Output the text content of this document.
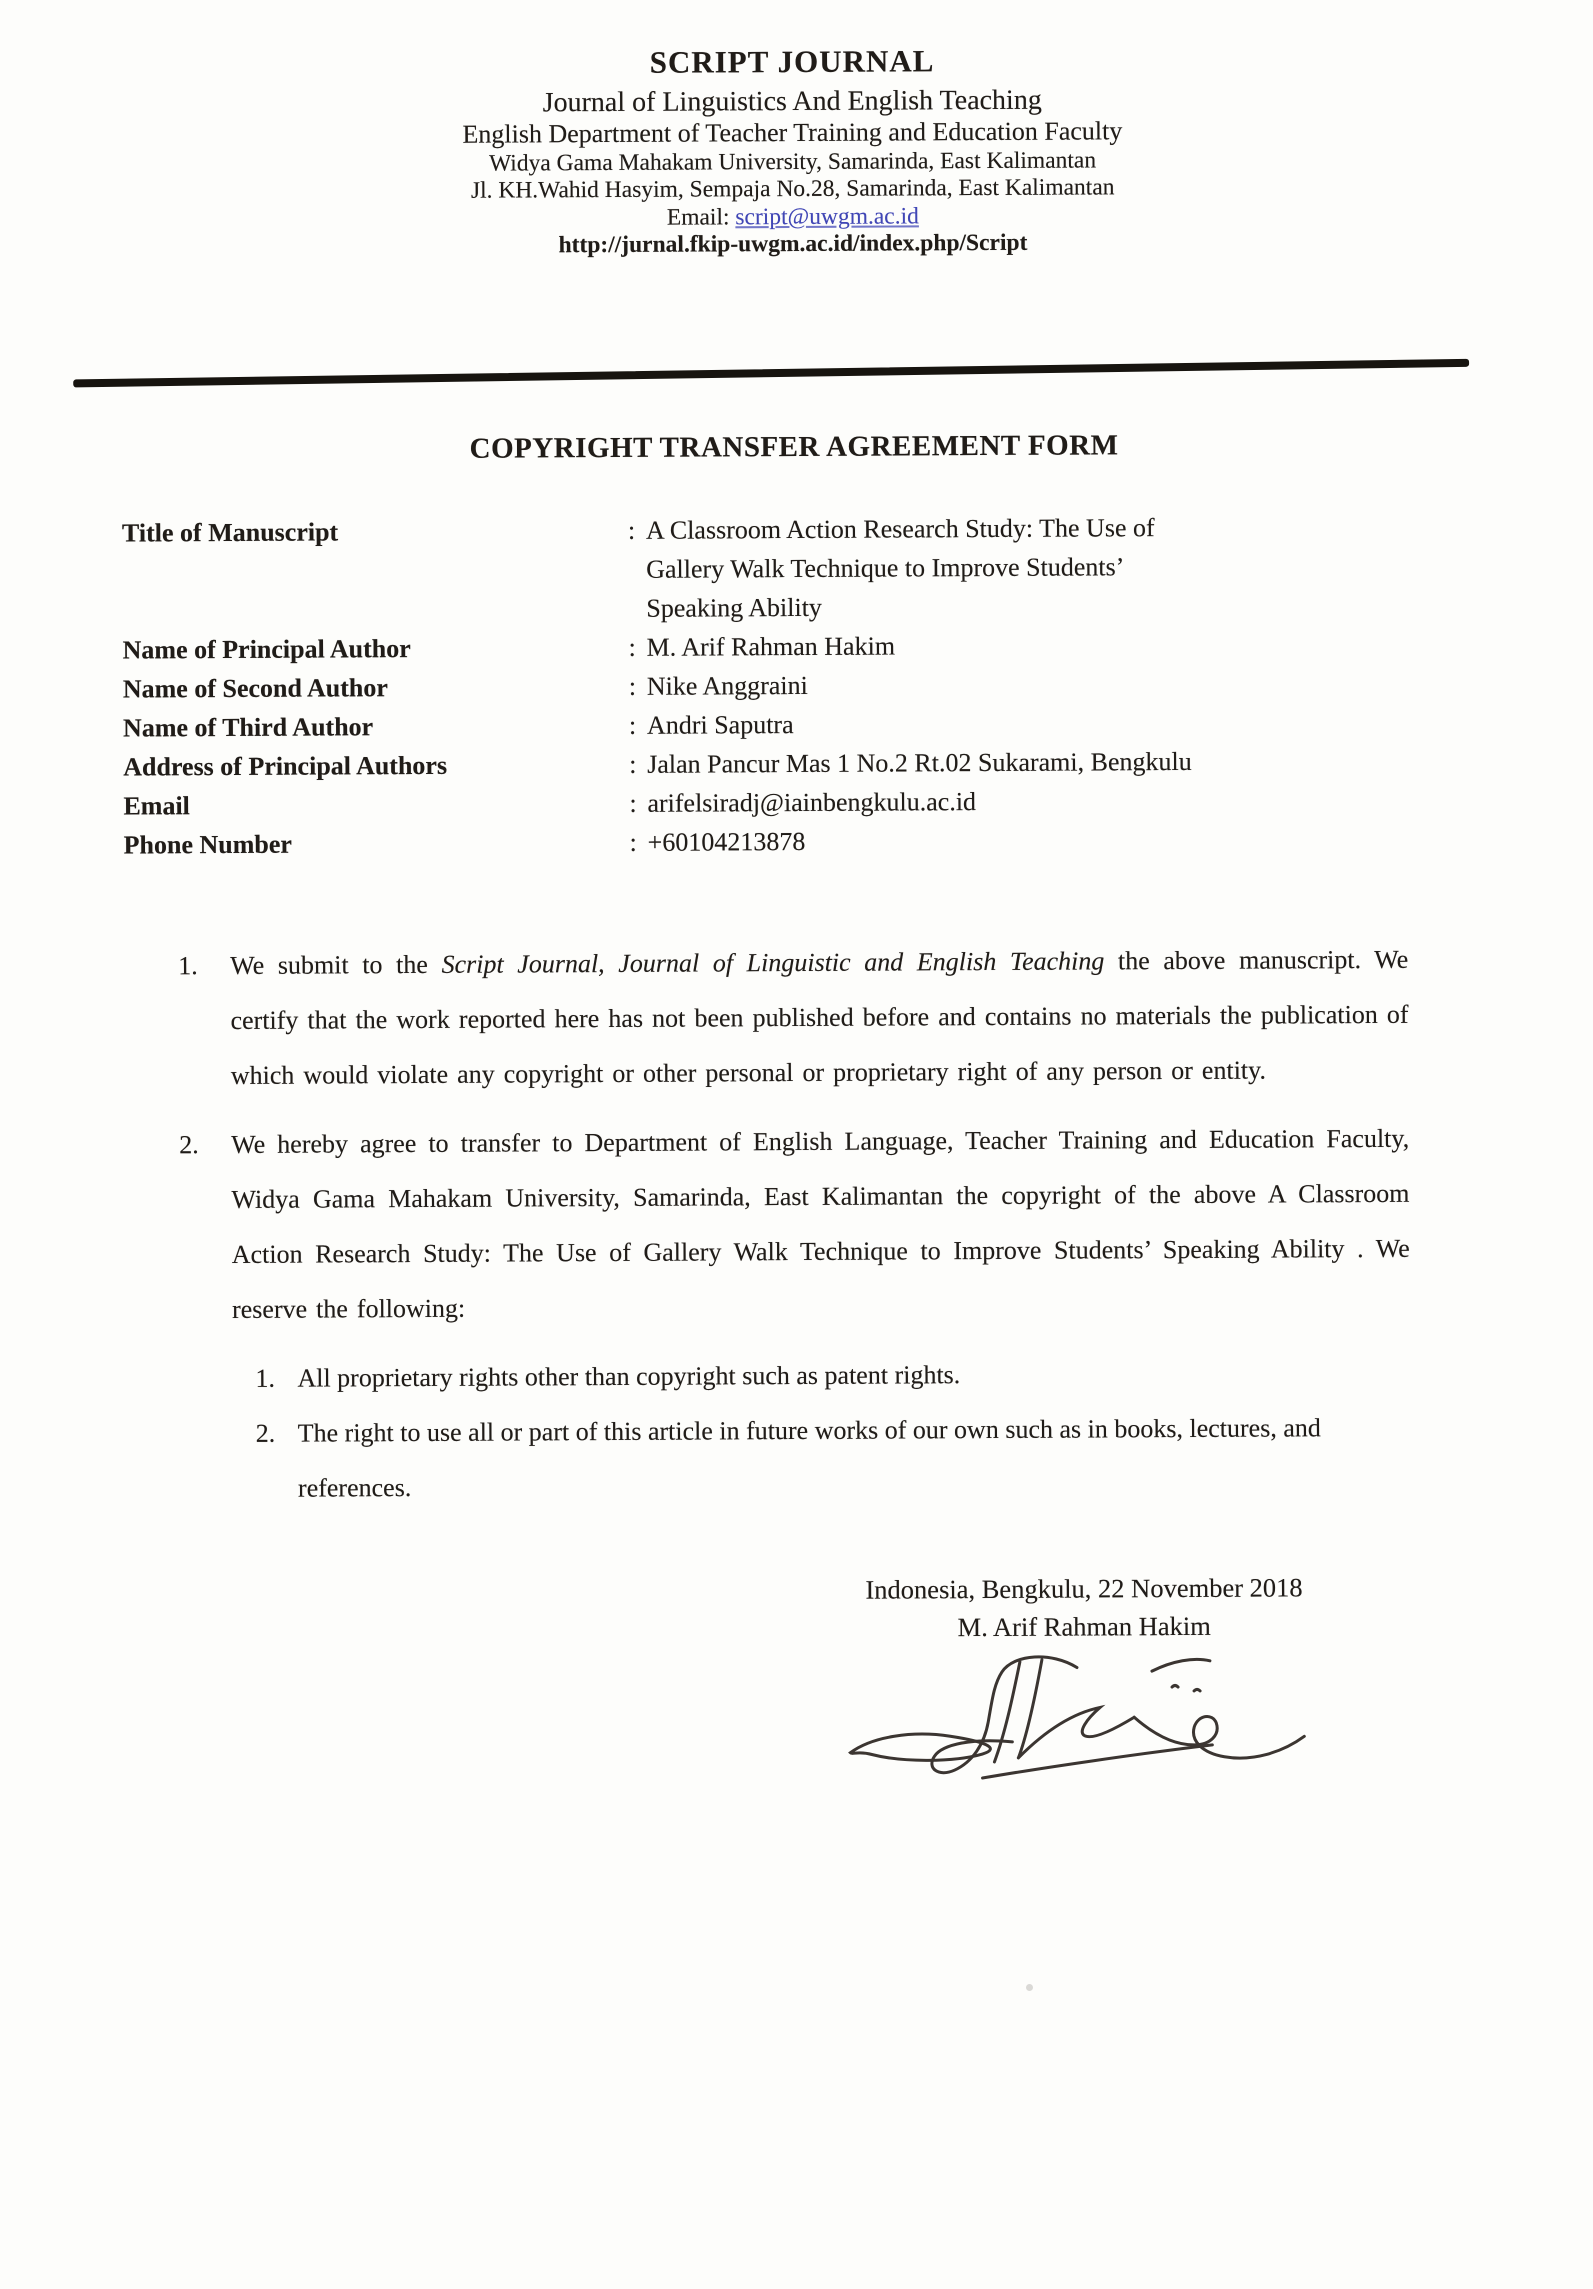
SCRIPT JOURNAL
Journal of Linguistics And English Teaching
English Department of Teacher Training and Education Faculty
Widya Gama Mahakam University, Samarinda, East Kalimantan
Jl. KH.Wahid Hasyim, Sempaja No.28, Samarinda, East Kalimantan
Email: script@uwgm.ac.id
http://jurnal.fkip-uwgm.ac.id/index.php/Script
COPYRIGHT TRANSFER AGREEMENT FORM
Title of Manuscript	: A Classroom Action Research Study: The Use of
Gallery Walk Technique to Improve Students’
Speaking Ability
Name of Principal Author	: M. Arif Rahman Hakim
Name of Second Author	: Nike Anggraini
Name of Third Author	: Andri Saputra
Address of Principal Authors	: Jalan Pancur Mas 1 No.2 Rt.02 Sukarami, Bengkulu
Email	: arifelsiradj@iainbengkulu.ac.id
Phone Number	: +60104213878
1.	We submit to the Script Journal, Journal of Linguistic and English Teaching the above manuscript. We certify that the work reported here has not been published before and contains no materials the publication of which would violate any copyright or other personal or proprietary right of any person or entity.
2.	We hereby agree to transfer to Department of English Language, Teacher Training and Education Faculty, Widya Gama Mahakam University, Samarinda, East Kalimantan the copyright of the above A Classroom Action Research Study: The Use of Gallery Walk Technique to Improve Students’ Speaking Ability . We reserve the following:
1. All proprietary rights other than copyright such as patent rights.
2. The right to use all or part of this article in future works of our own such as in books, lectures, and references.
Indonesia, Bengkulu, 22 November 2018
M. Arif Rahman Hakim
